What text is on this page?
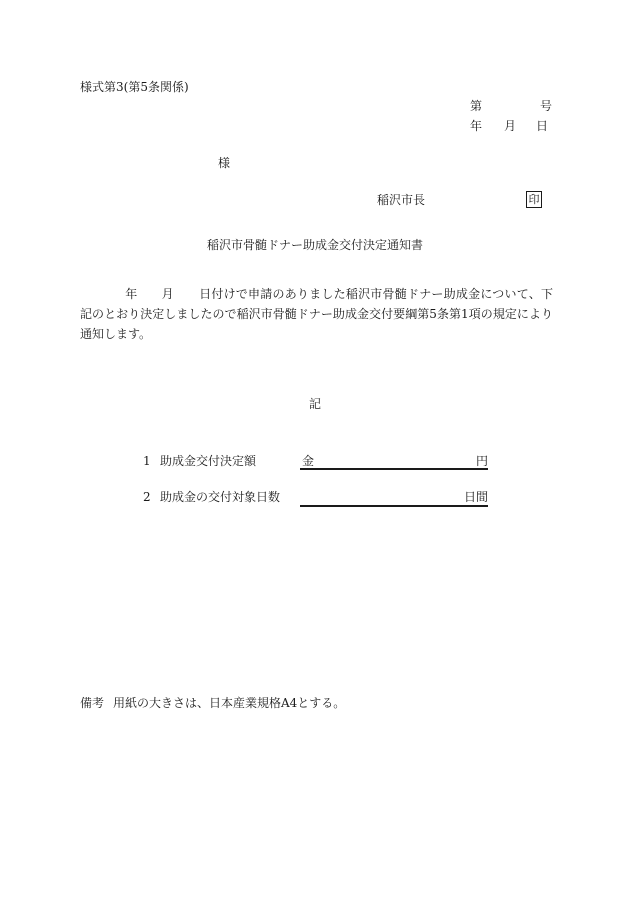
様式第3(第5条関係)
第	号
年 月 日
様
稲沢市長	印
稲沢市骨髄ドナー助成金交付決定通知書
年 月 日付けで申請のありました稲沢市骨髄ドナー助成金について、下記のとおり決定しましたので稲沢市骨髄ドナー助成金交付要綱第5条第1項の規定により通知します。
記
1 助成金交付決定額	金	円
2 助成金の交付対象日数	日間
備考 用紙の大きさは、日本産業規格A4とする。
